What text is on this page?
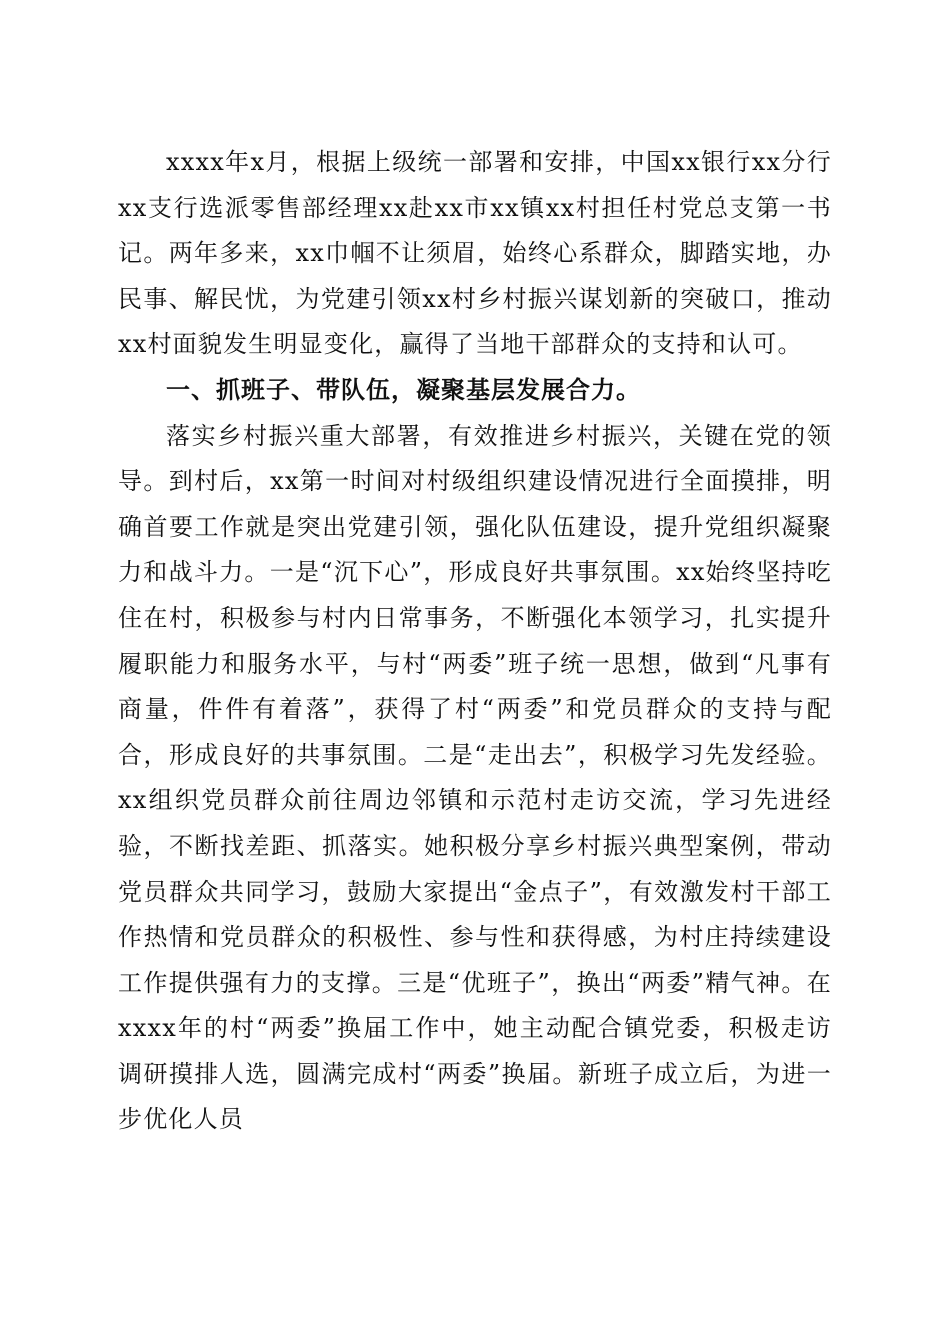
xxxx年x月，根据上级统一部署和安排，中国xx银行xx分行xx支行选派零售部经理xx赴xx市xx镇xx村担任村党总支第一书记。两年多来，xx巾帼不让须眉，始终心系群众，脚踏实地，办民事、解民忧，为党建引领xx村乡村振兴谋划新的突破口，推动xx村面貌发生明显变化，赢得了当地干部群众的支持和认可。

一、抓班子、带队伍，凝聚基层发展合力。

落实乡村振兴重大部署，有效推进乡村振兴，关键在党的领导。到村后，xx第一时间对村级组织建设情况进行全面摸排，明确首要工作就是突出党建引领，强化队伍建设，提升党组织凝聚力和战斗力。一是“沉下心”，形成良好共事氛围。xx始终坚持吃住在村，积极参与村内日常事务，不断强化本领学习，扎实提升履职能力和服务水平，与村“两委”班子统一思想，做到“凡事有商量，件件有着落”，获得了村“两委”和党员群众的支持与配合，形成良好的共事氛围。二是“走出去”，积极学习先发经验。xx组织党员群众前往周边邻镇和示范村走访交流，学习先进经验，不断找差距、抓落实。她积极分享乡村振兴典型案例，带动党员群众共同学习，鼓励大家提出“金点子”，有效激发村干部工作热情和党员群众的积极性、参与性和获得感，为村庄持续建设工作提供强有力的支撑。三是“优班子”，换出“两委”精气神。在xxxx年的村“两委”换届工作中，她主动配合镇党委，积极走访调研摸排人选，圆满完成村“两委”换届。新班子成立后，为进一步优化人员
